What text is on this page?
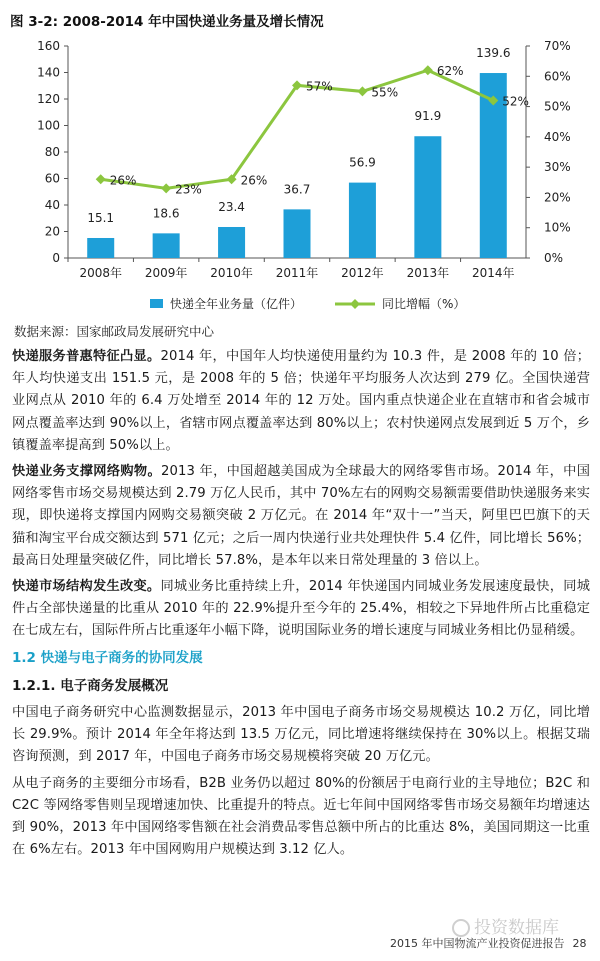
图 3-2: 2008-2014 年中国快递业务量及增长情况
0
20
40
60
80
100
120
140
160
0%
10%
20%
30%
40%
50%
60%
70%
15.1
2008年
18.6
2009年
23.4
2010年
36.7
2011年
56.9
2012年
91.9
2013年
139.6
2014年
26%
23%
26%
57%	55%
62%
52%
快递全年业务量（亿件）	同比增幅（%）
数据来源：国家邮政局发展研究中心

快递服务普惠特征凸显。2014 年，中国年人均快递使用量约为 10.3 件，是 2008 年的 10 倍；年人均快递支出 151.5 元，是 2008 年的 5 倍；快递年平均服务人次达到 279 亿。全国快递营业网点从 2010 年的 6.4 万处增至 2014 年的 12 万处。国内重点快递企业在直辖市和省会城市网点覆盖率达到 90%以上，省辖市网点覆盖率达到 80%以上；农村快递网点发展到近 5 万个，乡镇覆盖率提高到 50%以上。

快递业务支撑网络购物。2013 年，中国超越美国成为全球最大的网络零售市场。2014 年，中国网络零售市场交易规模达到 2.79 万亿人民币，其中 70%左右的网购交易额需要借助快递服务来实现，即快递将支撑国内网购交易额突破 2 万亿元。在 2014 年“双十一”当天，阿里巴巴旗下的天猫和淘宝平台成交额达到 571 亿元；之后一周内快递行业共处理快件 5.4 亿件，同比增长 56%；最高日处理量突破亿件，同比增长 57.8%，是本年以来日常处理量的 3 倍以上。

快递市场结构发生改变。同城业务比重持续上升，2014 年快递国内同城业务发展速度最快，同城件占全部快递量的比重从 2010 年的 22.9%提升至今年的 25.4%，相较之下异地件所占比重稳定在七成左右，国际件所占比重逐年小幅下降，说明国际业务的增长速度与同城业务相比仍显稍缓。

1.2 快递与电子商务的协同发展
1.2.1. 电子商务发展概况

中国电子商务研究中心监测数据显示，2013 年中国电子商务市场交易规模达 10.2 万亿，同比增长 29.9%。预计 2014 年全年将达到 13.5 万亿元，同比增速将继续保持在 30%以上。根据艾瑞咨询预测，到 2017 年，中国电子商务市场交易规模将突破 20 万亿元。

从电子商务的主要细分市场看，B2B 业务仍以超过 80%的份额居于电商行业的主导地位；B2C 和 C2C 等网络零售则呈现增速加快、比重提升的特点。近七年间中国网络零售市场交易额年均增速达到 90%，2013 年中国网络零售额在社会消费品零售总额中所占的比重达 8%，美国同期这一比重在 6%左右。2013 年中国网购用户规模达到 3.12 亿人。

投资数据库
2015 年中国物流产业投资促进报告 28
